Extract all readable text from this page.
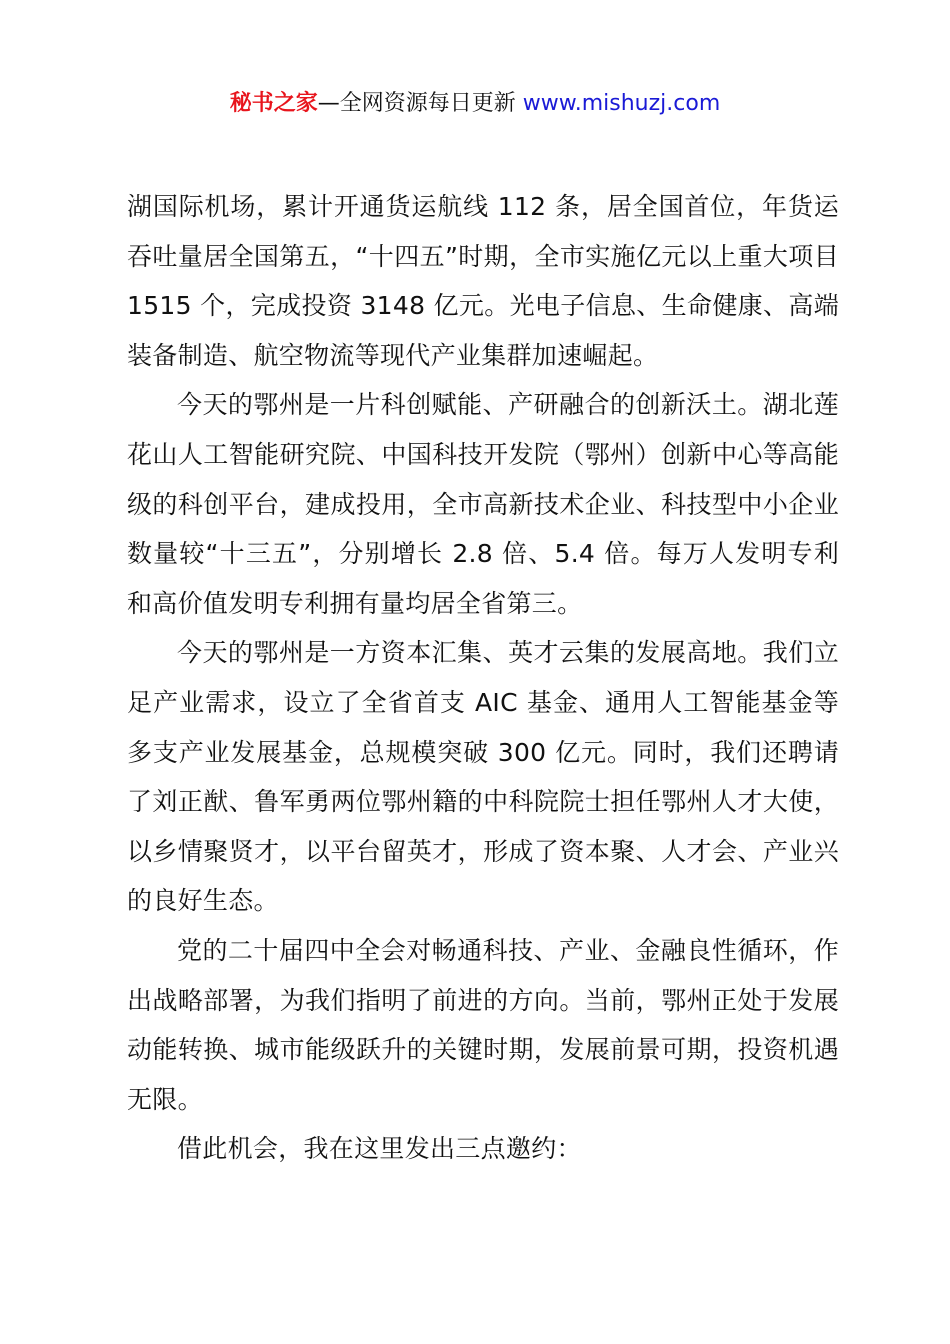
秘书之家—全网资源每日更新 www.mishuzj.com

湖国际机场，累计开通货运航线 112 条，居全国首位，年货运吞吐量居全国第五，“十四五”时期，全市实施亿元以上重大项目 1515 个，完成投资 3148 亿元。光电子信息、生命健康、高端装备制造、航空物流等现代产业集群加速崛起。

今天的鄂州是一片科创赋能、产研融合的创新沃土。湖北莲花山人工智能研究院、中国科技开发院（鄂州）创新中心等高能级的科创平台，建成投用，全市高新技术企业、科技型中小企业数量较“十三五”，分别增长 2.8 倍、5.4 倍。每万人发明专利和高价值发明专利拥有量均居全省第三。

今天的鄂州是一方资本汇集、英才云集的发展高地。我们立足产业需求，设立了全省首支 AIC 基金、通用人工智能基金等多支产业发展基金，总规模突破 300 亿元。同时，我们还聘请了刘正猷、鲁军勇两位鄂州籍的中科院院士担任鄂州人才大使，以乡情聚贤才，以平台留英才，形成了资本聚、人才会、产业兴的良好生态。

党的二十届四中全会对畅通科技、产业、金融良性循环，作出战略部署，为我们指明了前进的方向。当前，鄂州正处于发展动能转换、城市能级跃升的关键时期，发展前景可期，投资机遇无限。

借此机会，我在这里发出三点邀约：
